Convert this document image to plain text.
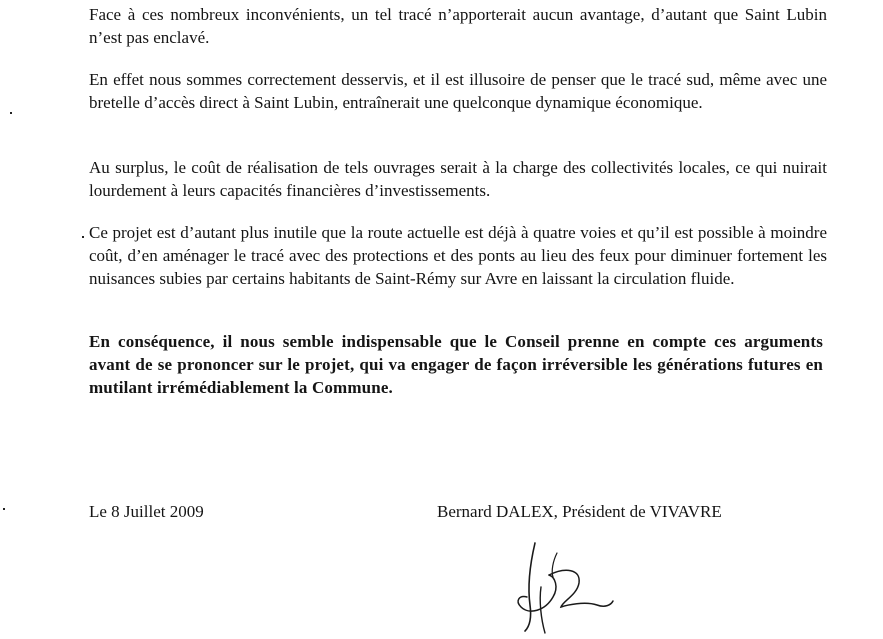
Face à ces nombreux inconvénients, un tel tracé n’apporterait aucun avantage, d’autant que Saint Lubin n’est pas enclavé.

En effet nous sommes correctement desservis, et il est illusoire de penser que le tracé sud, même avec une bretelle d’accès direct à Saint Lubin, entraînerait une quelconque dynamique économique.

Au surplus, le coût de réalisation de tels ouvrages serait à la charge des collectivités locales, ce qui nuirait lourdement à leurs capacités financières d’investissements.

Ce projet est d’autant plus inutile que la route actuelle est déjà à quatre voies et qu’il est possible à moindre coût, d’en aménager le tracé avec des protections et des ponts au lieu des feux pour diminuer fortement les nuisances subies par certains habitants de Saint-Rémy sur Avre en laissant la circulation fluide.

En conséquence, il nous semble indispensable que le Conseil prenne en compte ces arguments avant de se prononcer sur le projet, qui va engager de façon irréversible les générations futures en mutilant irrémédiablement la Commune.

Le 8 Juillet 2009	Bernard DALEX, Président de VIVAVRE
